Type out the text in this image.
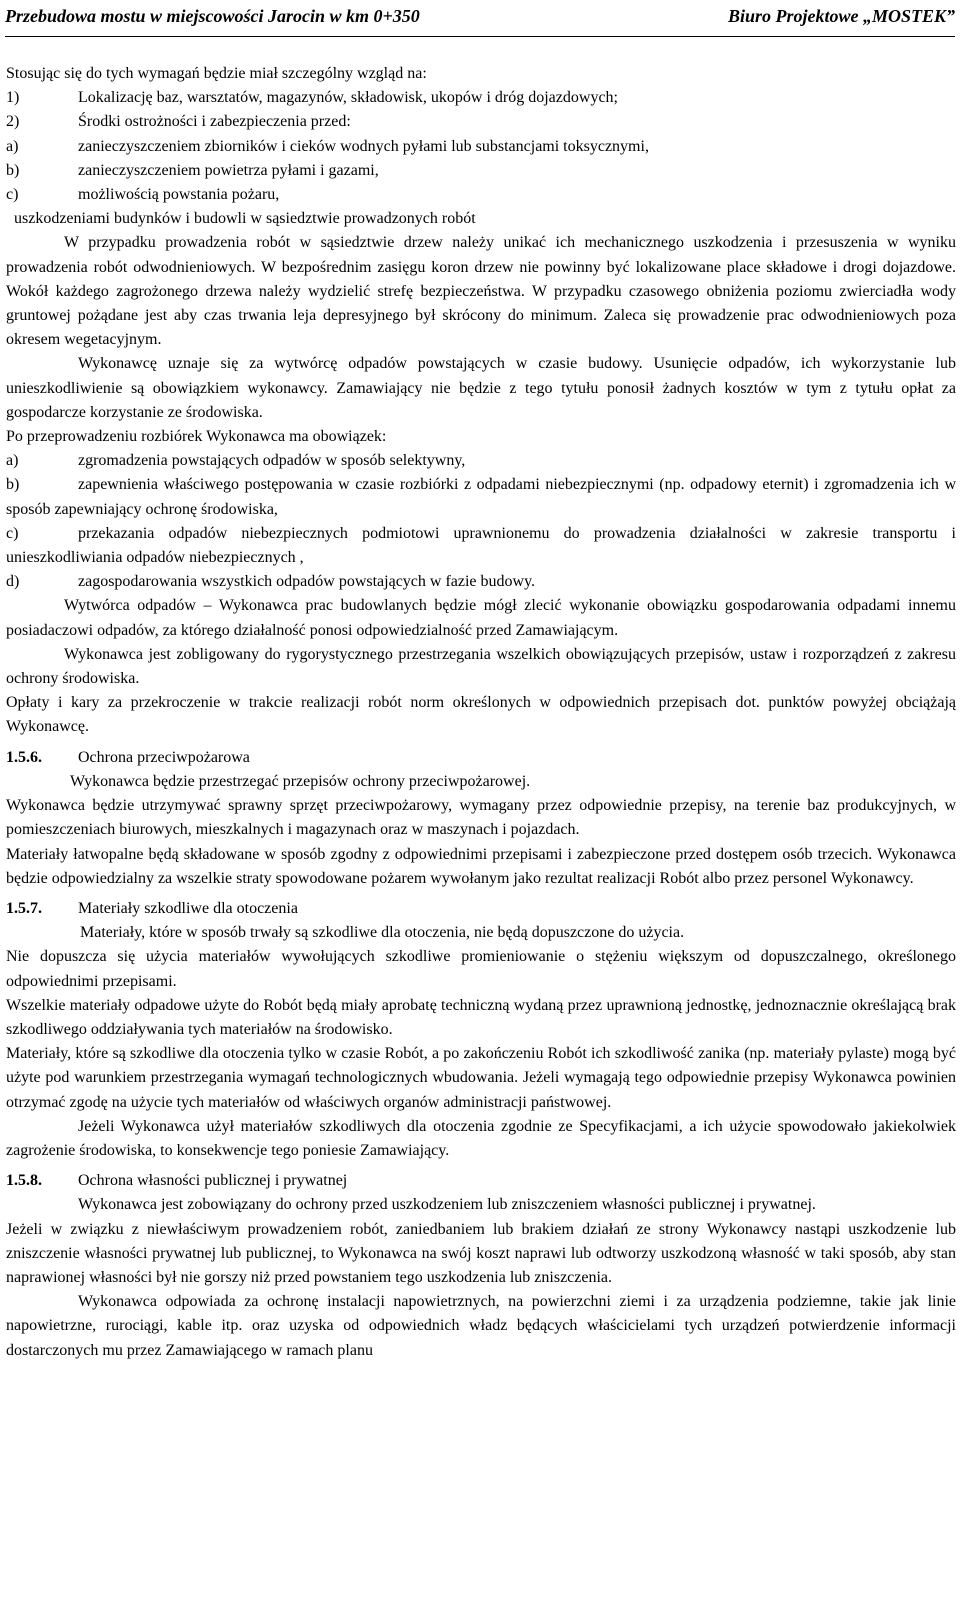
Przebudowa mostu w miejscowości Jarocin w km 0+350	Biuro Projektowe „MOSTEK”

Stosując się do tych wymagań będzie miał szczególny wzgląd na:

1)	Lokalizację baz, warsztatów, magazynów, składowisk, ukopów i dróg dojazdowych;
2)	Środki ostrożności i zabezpieczenia przed:
a)	zanieczyszczeniem zbiorników i cieków wodnych pyłami lub substancjami toksycznymi,
b)	zanieczyszczeniem powietrza pyłami i gazami,
c)	możliwością powstania pożaru,

uszkodzeniami budynków i budowli w sąsiedztwie prowadzonych robót

W przypadku prowadzenia robót w sąsiedztwie drzew należy unikać ich mechanicznego uszkodzenia i przesuszenia w wyniku prowadzenia robót odwodnieniowych. W bezpośrednim zasięgu koron drzew nie powinny być lokalizowane place składowe i drogi dojazdowe. Wokół każdego zagrożonego drzewa należy wydzielić strefę bezpieczeństwa. W przypadku czasowego obniżenia poziomu zwierciadła wody gruntowej pożądane jest aby czas trwania leja depresyjnego był skrócony do minimum. Zaleca się prowadzenie prac odwodnieniowych poza okresem wegetacyjnym.

Wykonawcę uznaje się za wytwórcę odpadów powstających w czasie budowy. Usunięcie odpadów, ich wykorzystanie lub unieszkodliwienie są obowiązkiem wykonawcy. Zamawiający nie będzie z tego tytułu ponosił żadnych kosztów w tym z tytułu opłat za gospodarcze korzystanie ze środowiska.

Po przeprowadzeniu rozbiórek Wykonawca ma obowiązek:

a)	zgromadzenia powstających odpadów w sposób selektywny,

b)	zapewnienia właściwego postępowania w czasie rozbiórki z odpadami niebezpiecznymi (np. odpadowy eternit) i zgromadzenia ich w sposób zapewniający ochronę środowiska,

c)	przekazania odpadów niebezpiecznych podmiotowi uprawnionemu do prowadzenia działalności w zakresie transportu i unieszkodliwiania odpadów niebezpiecznych ,

d)	zagospodarowania wszystkich odpadów powstających w fazie budowy.

Wytwórca odpadów – Wykonawca prac budowlanych będzie mógł zlecić wykonanie obowiązku gospodarowania odpadami innemu posiadaczowi odpadów, za którego działalność ponosi odpowiedzialność przed Zamawiającym.

Wykonawca jest zobligowany do rygorystycznego przestrzegania wszelkich obowiązujących przepisów, ustaw i rozporządzeń z zakresu ochrony środowiska.

Opłaty i kary za przekroczenie w trakcie realizacji robót norm określonych w odpowiednich przepisach dot. punktów powyżej obciążają Wykonawcę.

1.5.6.	Ochrona przeciwpożarowa

Wykonawca będzie przestrzegać przepisów ochrony przeciwpożarowej.

Wykonawca będzie utrzymywać sprawny sprzęt przeciwpożarowy, wymagany przez odpowiednie przepisy, na terenie baz produkcyjnych, w pomieszczeniach biurowych, mieszkalnych i magazynach oraz w maszynach i pojazdach.

Materiały łatwopalne będą składowane w sposób zgodny z odpowiednimi przepisami i zabezpieczone przed dostępem osób trzecich. Wykonawca będzie odpowiedzialny za wszelkie straty spowodowane pożarem wywołanym jako rezultat realizacji Robót albo przez personel Wykonawcy.

1.5.7.	Materiały szkodliwe dla otoczenia

Materiały, które w sposób trwały są szkodliwe dla otoczenia, nie będą dopuszczone do użycia.

Nie dopuszcza się użycia materiałów wywołujących szkodliwe promieniowanie o stężeniu większym od dopuszczalnego, określonego odpowiednimi przepisami.

Wszelkie materiały odpadowe użyte do Robót będą miały aprobatę techniczną wydaną przez uprawnioną jednostkę, jednoznacznie określającą brak szkodliwego oddziaływania tych materiałów na środowisko.

Materiały, które są szkodliwe dla otoczenia tylko w czasie Robót, a po zakończeniu Robót ich szkodliwość zanika (np. materiały pylaste) mogą być użyte pod warunkiem przestrzegania wymagań technologicznych wbudowania. Jeżeli wymagają tego odpowiednie przepisy Wykonawca powinien otrzymać zgodę na użycie tych materiałów od właściwych organów administracji państwowej.

Jeżeli Wykonawca użył materiałów szkodliwych dla otoczenia zgodnie ze Specyfikacjami, a ich użycie spowodowało jakiekolwiek zagrożenie środowiska, to konsekwencje tego poniesie Zamawiający.

1.5.8.	Ochrona własności publicznej i prywatnej

Wykonawca jest zobowiązany do ochrony przed uszkodzeniem lub zniszczeniem własności publicznej i prywatnej.

Jeżeli w związku z niewłaściwym prowadzeniem robót, zaniedbaniem lub brakiem działań ze strony Wykonawcy nastąpi uszkodzenie lub zniszczenie własności prywatnej lub publicznej, to Wykonawca na swój koszt naprawi lub odtworzy uszkodzoną własność w taki sposób, aby stan naprawionej własności był nie gorszy niż przed powstaniem tego uszkodzenia lub zniszczenia.

Wykonawca odpowiada za ochronę instalacji napowietrznych, na powierzchni ziemi i za urządzenia podziemne, takie jak linie napowietrzne, rurociągi, kable itp. oraz uzyska od odpowiednich władz będących właścicielami tych urządzeń potwierdzenie informacji dostarczonych mu przez Zamawiającego w ramach planu
